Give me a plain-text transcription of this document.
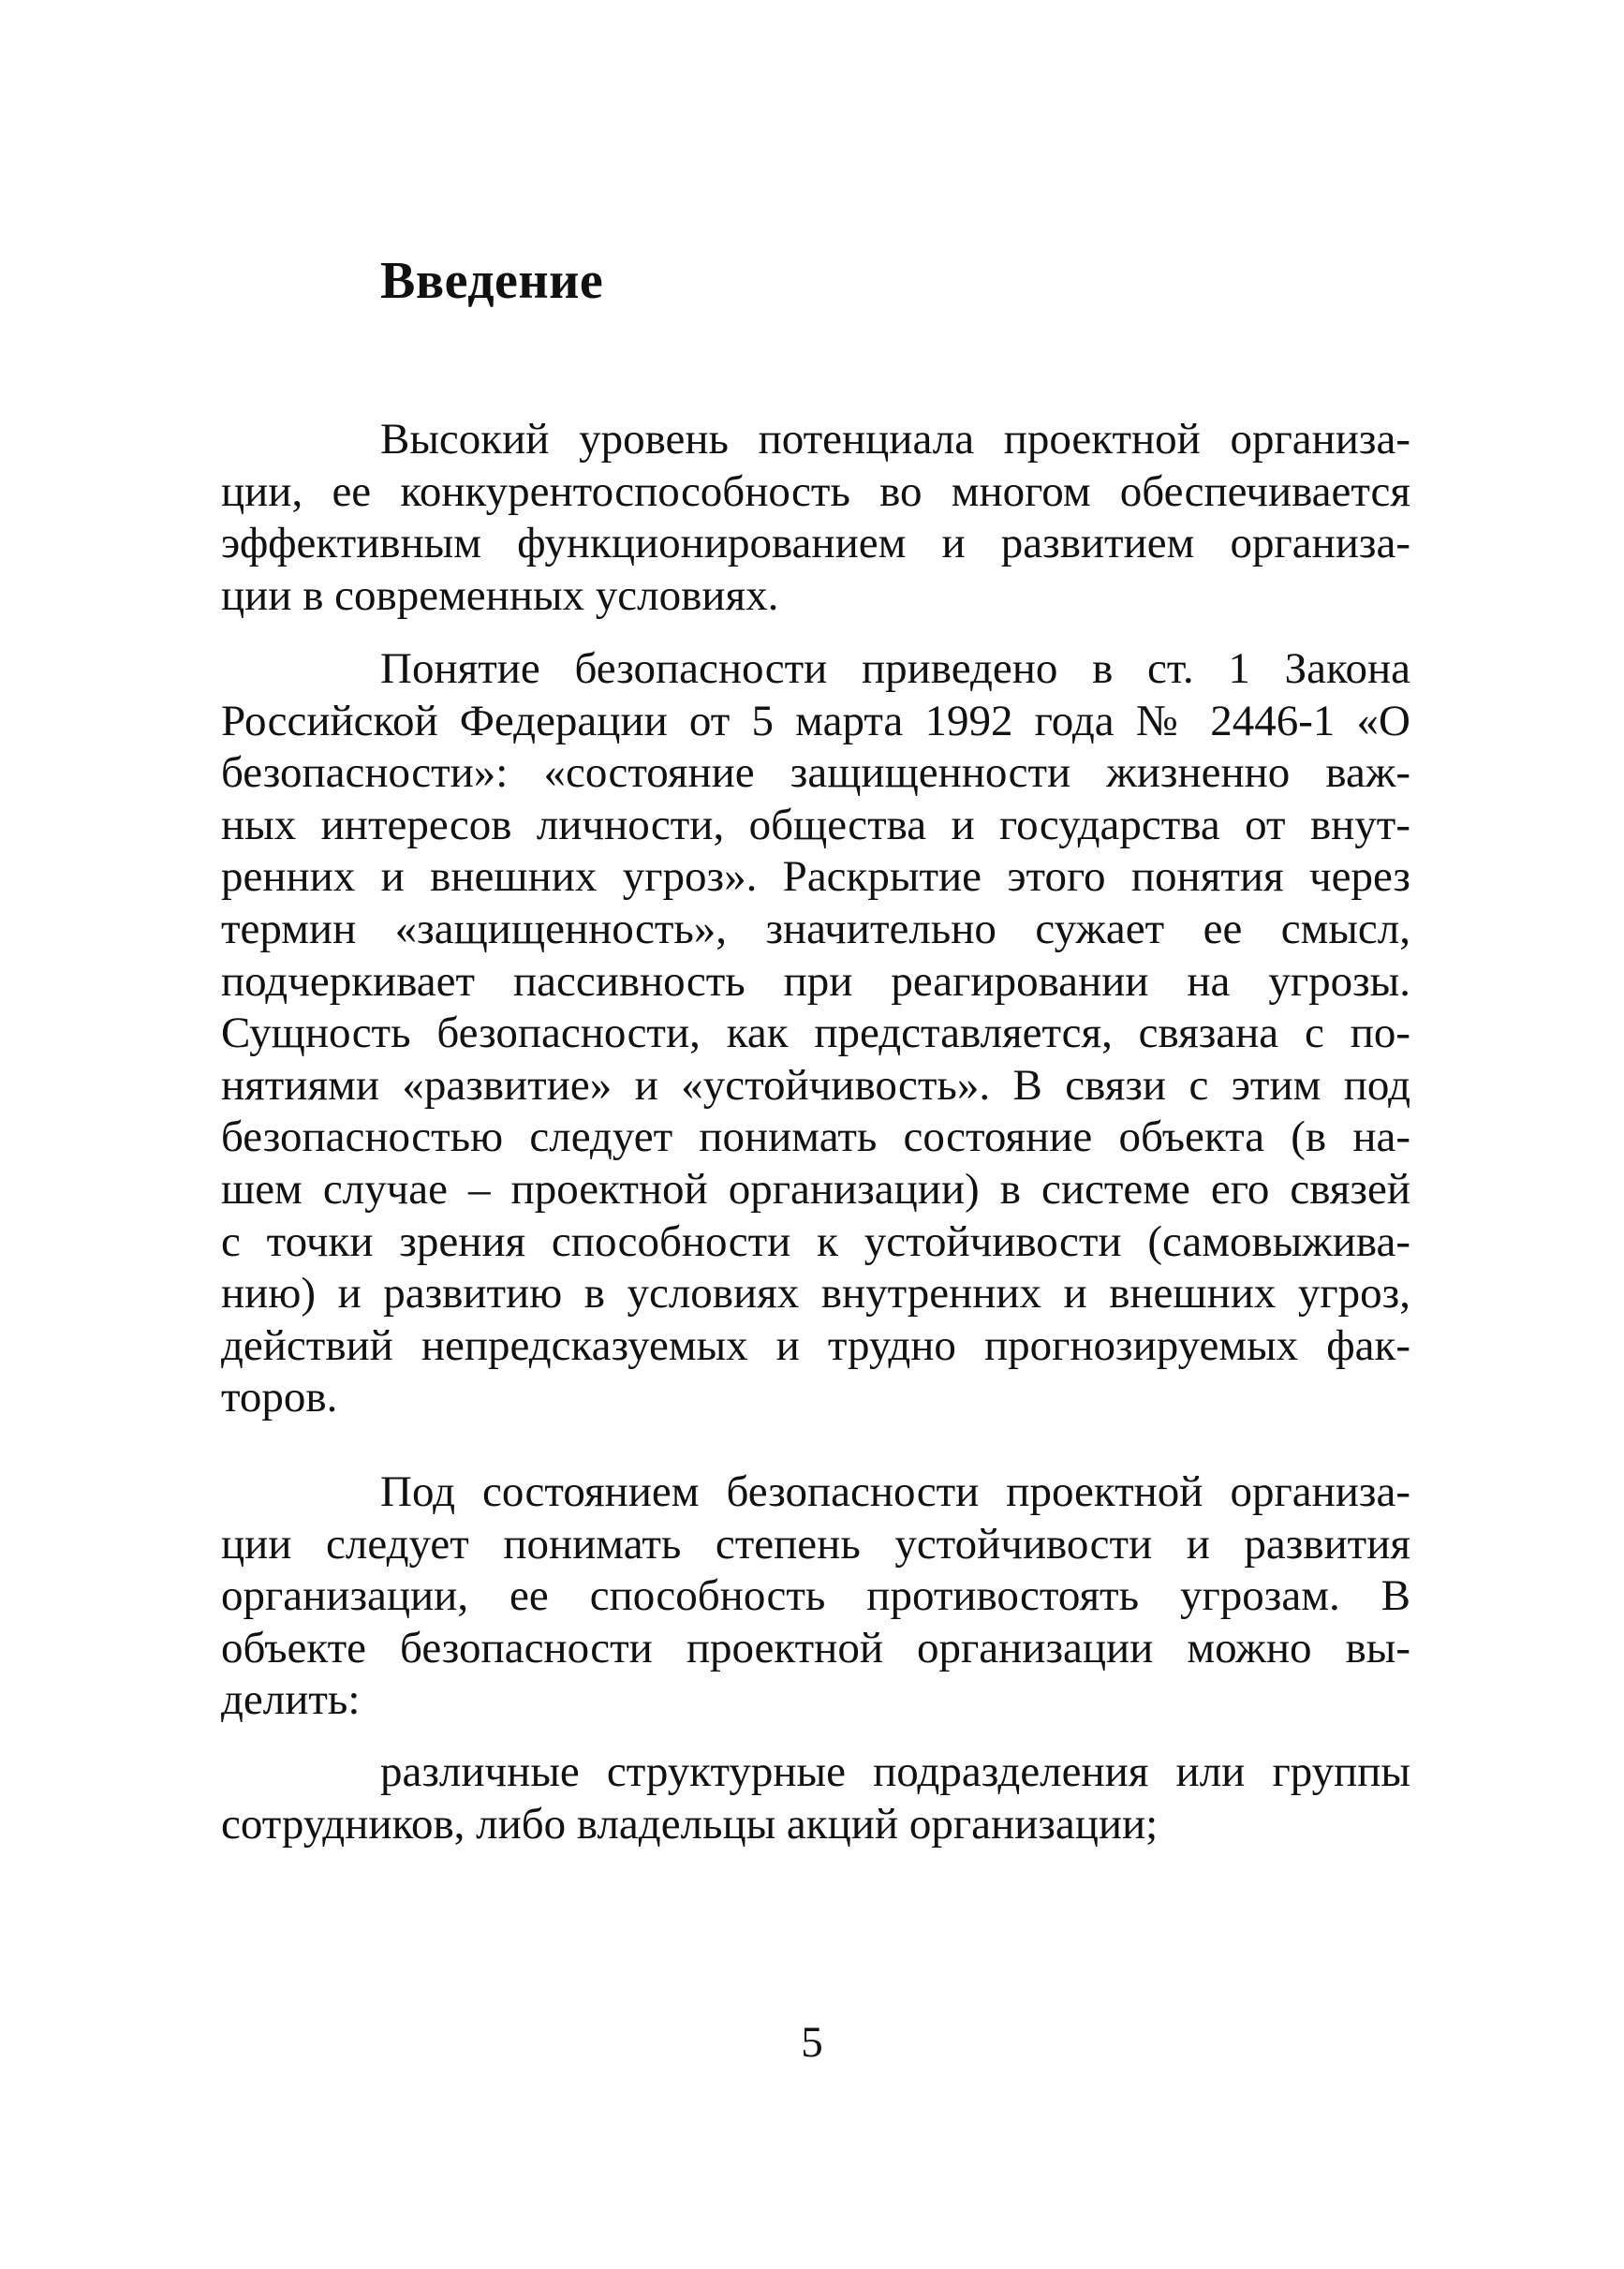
Введение
Высокий уровень потенциала проектной организа-
ции, ее конкурентоспособность во многом обеспечивается
эффективным функционированием и развитием организа-
ции в современных условиях.
Понятие безопасности приведено в ст. 1 Закона
Российской Федерации от 5 марта 1992 года № 2446-1 «О
безопасности»: «состояние защищенности жизненно важ-
ных интересов личности, общества и государства от внут-
ренних и внешних угроз». Раскрытие этого понятия через
термин «защищенность», значительно сужает ее смысл,
подчеркивает пассивность при реагировании на угрозы.
Сущность безопасности, как представляется, связана с по-
нятиями «развитие» и «устойчивость». В связи с этим под
безопасностью следует понимать состояние объекта (в на-
шем случае – проектной организации) в системе его связей
с точки зрения способности к устойчивости (самовыжива-
нию) и развитию в условиях внутренних и внешних угроз,
действий непредсказуемых и трудно прогнозируемых фак-
торов.
Под состоянием безопасности проектной организа-
ции следует понимать степень устойчивости и развития
организации, ее способность противостоять угрозам. В
объекте безопасности проектной организации можно вы-
делить:
различные структурные подразделения или группы
сотрудников, либо владельцы акций организации;
5
